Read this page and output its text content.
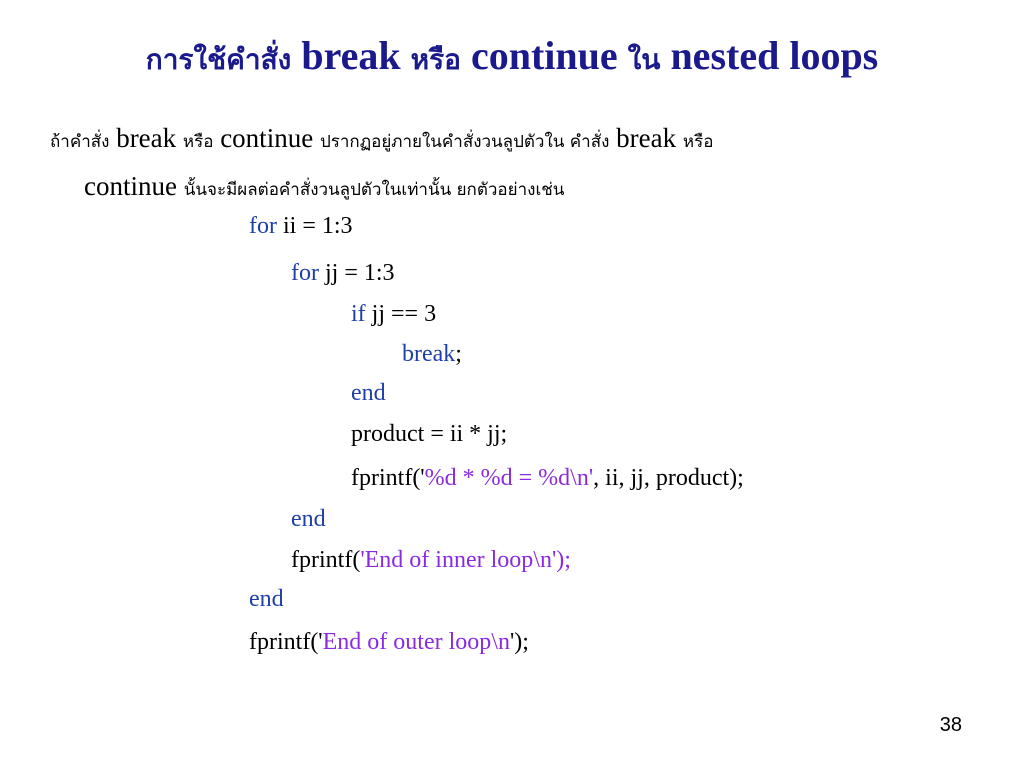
การใช้คำสั่ง break หรือ continue ใน nested loops
ถ้าคำสั่ง break หรือ continue ปรากฏอยู่ภายในคำสั่งวนลูปตัวใน คำสั่ง break หรือ
continue นั้นจะมีผลต่อคำสั่งวนลูปตัวในเท่านั้น ยกตัวอย่างเช่น
for ii = 1:3
for jj = 1:3
if jj == 3
break;
end
product = ii * jj;
fprintf('%d * %d = %d\n', ii, jj, product);
end
fprintf('End of inner loop\n');
end
fprintf('End of outer loop\n');
38
